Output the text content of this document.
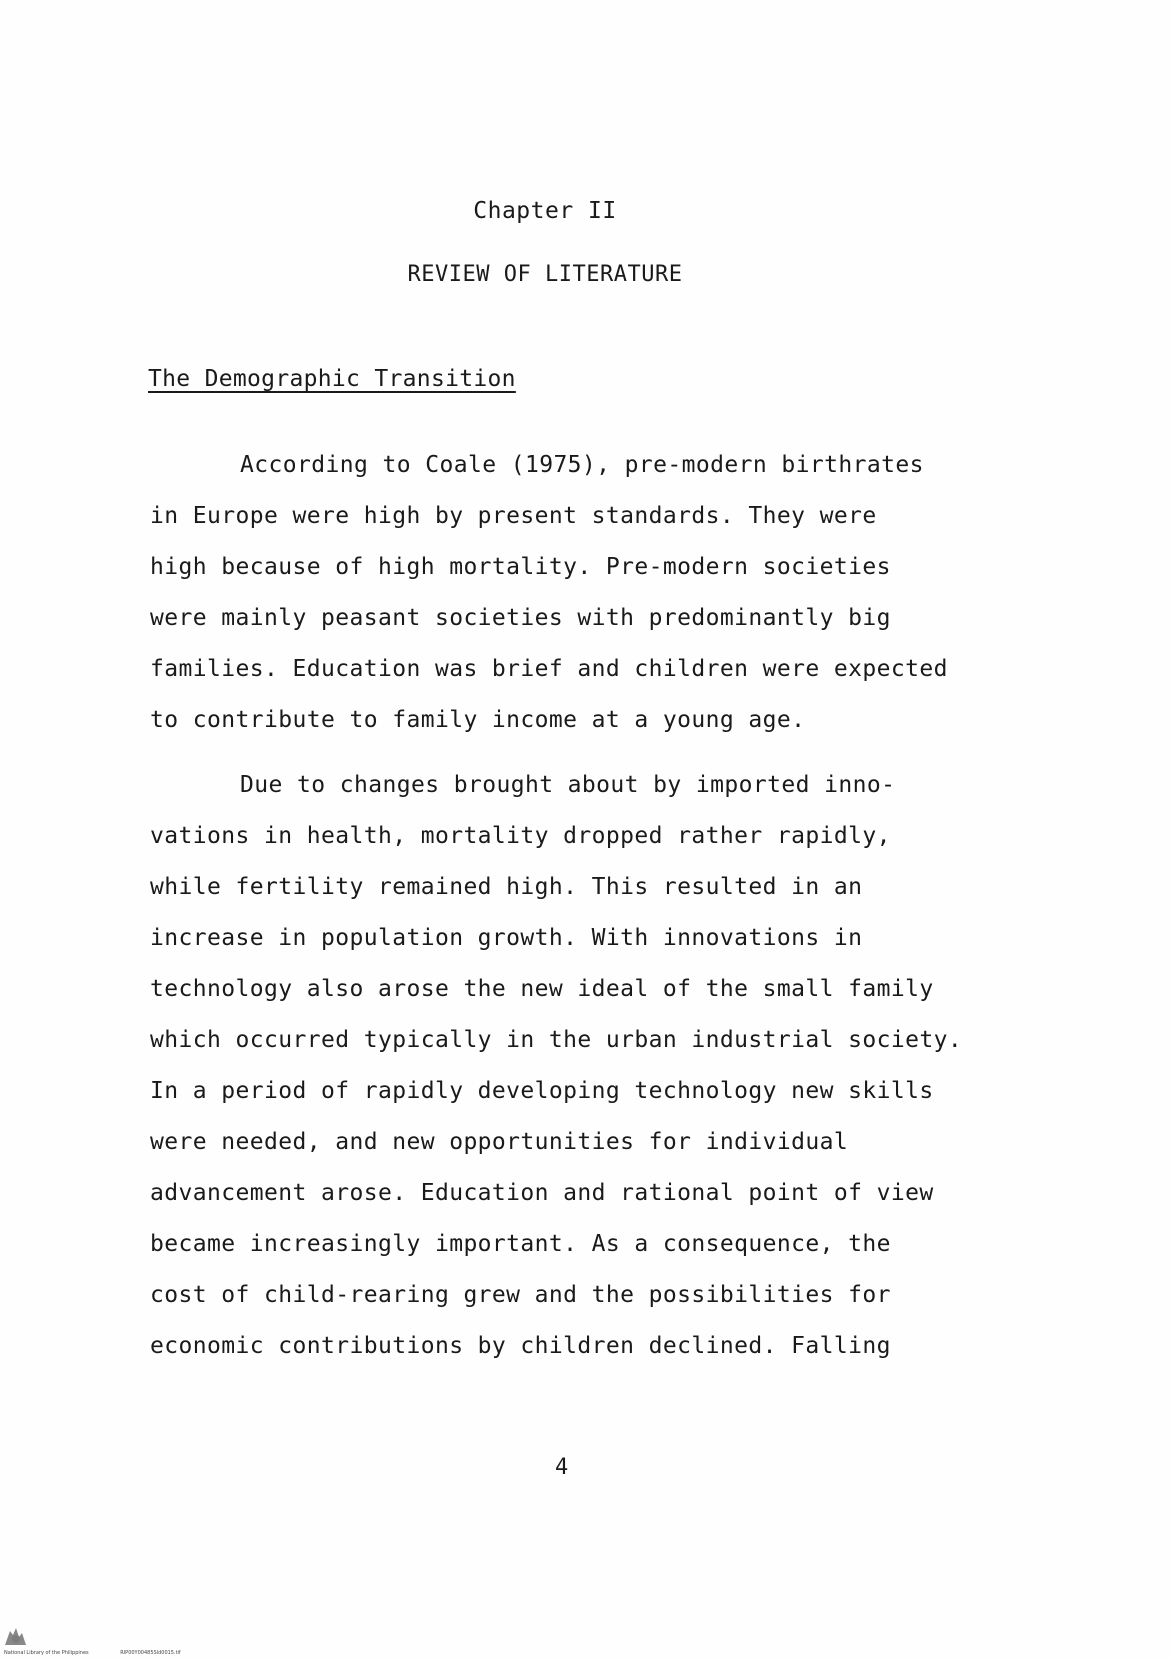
Chapter II
REVIEW OF LITERATURE
The Demographic Transition
According to Coale (1975), pre-modern birthrates
in Europe were high by present standards. They were
high because of high mortality. Pre-modern societies
were mainly peasant societies with predominantly big
families. Education was brief and children were expected
to contribute to family income at a young age.
Due to changes brought about by imported inno-
vations in health, mortality dropped rather rapidly,
while fertility remained high. This resulted in an
increase in population growth. With innovations in
technology also arose the new ideal of the small family
which occurred typically in the urban industrial society.
In a period of rapidly developing technology new skills
were needed, and new opportunities for individual
advancement arose. Education and rational point of view
became increasingly important. As a consequence, the
cost of child-rearing grew and the possibilities for
economic contributions by children declined. Falling
4
National Library of the Philippines	RIP00Y00485Sld0015.tif
